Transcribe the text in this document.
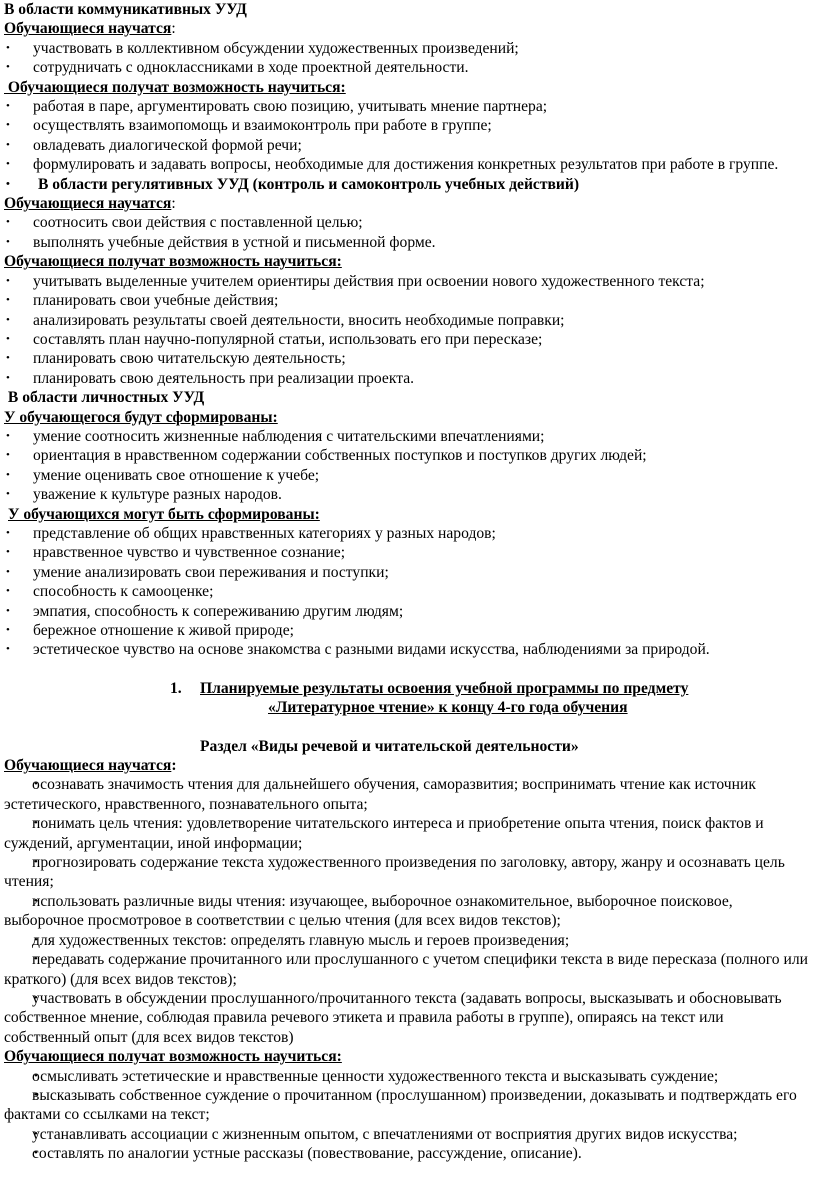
В области коммуникативных УУД
Обучающиеся научатся:
• участвовать в коллективном обсуждении художественных произведений;
• сотрудничать с одноклассниками в ходе проектной деятельности.
Обучающиеся получат возможность научиться:
• работая в паре, аргументировать свою позицию, учитывать мнение партнера;
• осуществлять взаимопомощь и взаимоконтроль при работе в группе;
• овладевать диалогической формой речи;
• формулировать и задавать вопросы, необходимые для достижения конкретных результатов при работе в группе.
• В области регулятивных УУД (контроль и самоконтроль учебных действий)
Обучающиеся научатся:
• соотносить свои действия с поставленной целью;
• выполнять учебные действия в устной и письменной форме.
Обучающиеся получат возможность научиться:
• учитывать выделенные учителем ориентиры действия при освоении нового художественного текста;
• планировать свои учебные действия;
• анализировать результаты своей деятельности, вносить необходимые поправки;
• составлять план научно-популярной статьи, использовать его при пересказе;
• планировать свою читательскую деятельность;
• планировать свою деятельность при реализации проекта.
В области личностных УУД
У обучающегося будут сформированы:
• умение соотносить жизненные наблюдения с читательскими впечатлениями;
• ориентация в нравственном содержании собственных поступков и поступков других людей;
• умение оценивать свое отношение к учебе;
• уважение к культуре разных народов.
У обучающихся могут быть сформированы:
• представление об общих нравственных категориях у разных народов;
• нравственное чувство и чувственное сознание;
• умение анализировать свои переживания и поступки;
• способность к самооценке;
• эмпатия, способность к сопереживанию другим людям;
• бережное отношение к живой природе;
• эстетическое чувство на основе знакомства с разными видами искусства, наблюдениями за природой.
1. Планируемые результаты освоения учебной программы по предмету
«Литературное чтение» к концу 4-го года обучения
Раздел «Виды речевой и читательской деятельности»
Обучающиеся научатся:
• осознавать значимость чтения для дальнейшего обучения, саморазвития; воспринимать чтение как источник эстетического, нравственного, познавательного опыта;
• понимать цель чтения: удовлетворение читательского интереса и приобретение опыта чтения, поиск фактов и суждений, аргументации, иной информации;
• прогнозировать содержание текста художественного произведения по заголовку, автору, жанру и осознавать цель чтения;
• использовать различные виды чтения: изучающее, выборочное ознакомительное, выборочное поисковое, выборочное просмотровое в соответствии с целью чтения (для всех видов текстов);
• для художественных текстов: определять главную мысль и героев произведения;
• передавать содержание прочитанного или прослушанного с учетом специфики текста в виде пересказа (полного или краткого) (для всех видов текстов);
• участвовать в обсуждении прослушанного/прочитанного текста (задавать вопросы, высказывать и обосновывать собственное мнение, соблюдая правила речевого этикета и правила работы в группе), опираясь на текст или собственный опыт (для всех видов текстов)
Обучающиеся получат возможность научиться:
• осмысливать эстетические и нравственные ценности художественного текста и высказывать суждение;
• высказывать собственное суждение о прочитанном (прослушанном) произведении, доказывать и подтверждать его фактами со ссылками на текст;
• устанавливать ассоциации с жизненным опытом, с впечатлениями от восприятия других видов искусства;
• составлять по аналогии устные рассказы (повествование, рассуждение, описание).
